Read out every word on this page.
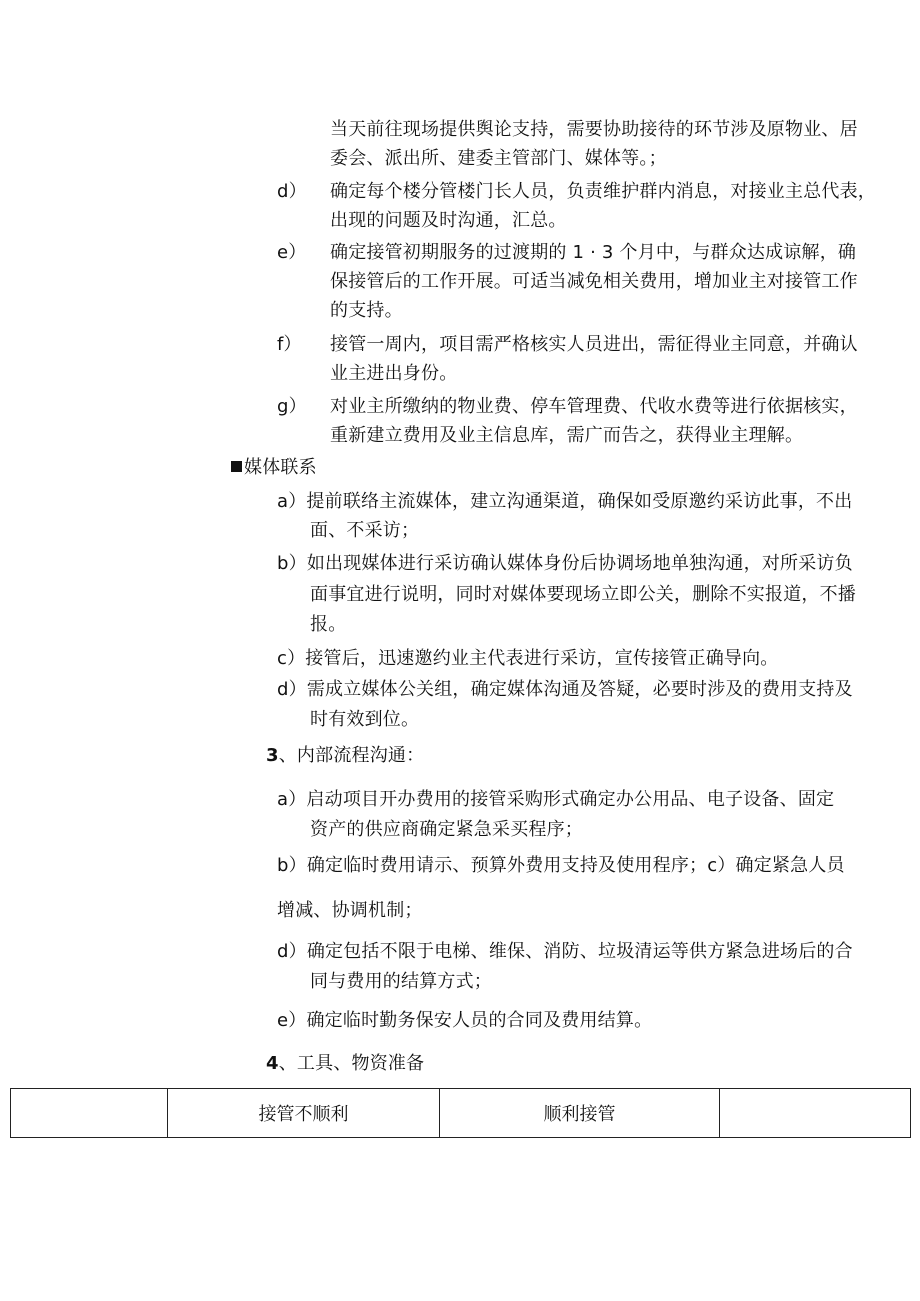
当天前往现场提供舆论支持，需要协助接待的环节涉及原物业、居
委会、派出所、建委主管部门、媒体等。；
d） 确定每个楼分管楼门长人员，负责维护群内消息，对接业主总代表，
出现的问题及时沟通，汇总。
e） 确定接管初期服务的过渡期的 1 · 3 个月中，与群众达成谅解，确
保接管后的工作开展。可适当减免相关费用，增加业主对接管工作
的支持。
f） 接管一周内，项目需严格核实人员进出，需征得业主同意，并确认
业主进出身份。
g） 对业主所缴纳的物业费、停车管理费、代收水费等进行依据核实，
重新建立费用及业主信息库，需广而告之，获得业主理解。
媒体联系
a）提前联络主流媒体，建立沟通渠道，确保如受原邀约采访此事，不出
面、不采访；
b）如出现媒体进行采访确认媒体身份后协调场地单独沟通，对所采访负
面事宜进行说明，同时对媒体要现场立即公关，删除不实报道，不播
报。
c）接管后，迅速邀约业主代表进行采访，宣传接管正确导向。
d）需成立媒体公关组，确定媒体沟通及答疑，必要时涉及的费用支持及
时有效到位。
3、内部流程沟通：
a）启动项目开办费用的接管采购形式确定办公用品、电子设备、固定
资产的供应商确定紧急采买程序；
b）确定临时费用请示、预算外费用支持及使用程序；c）确定紧急人员
增减、协调机制；
d）确定包括不限于电梯、维保、消防、垃圾清运等供方紧急进场后的合
同与费用的结算方式；
e）确定临时勤务保安人员的合同及费用结算。
4、工具、物资准备
	接管不顺利	顺利接管	
